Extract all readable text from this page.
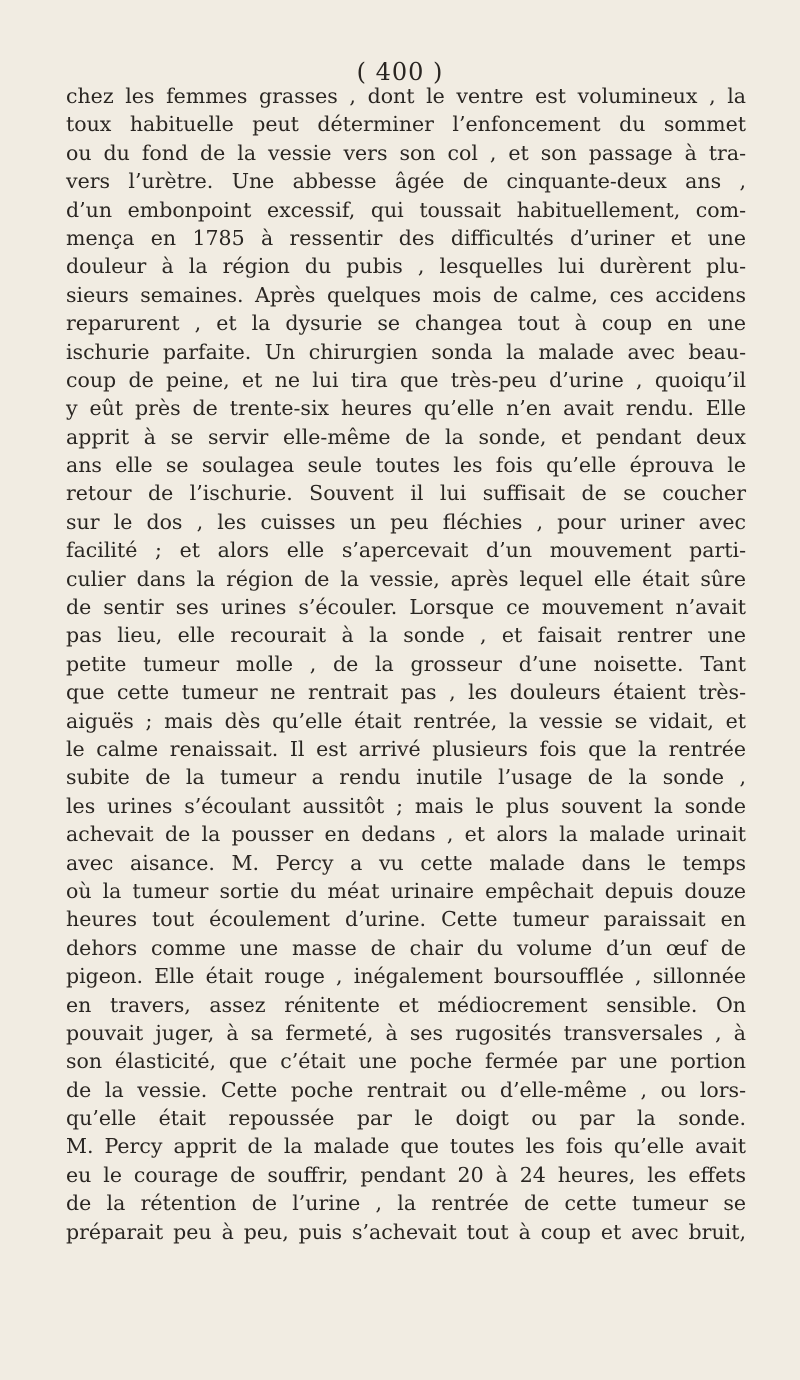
( 400 )
chez les femmes grasses , dont le ventre est volumineux , la
toux habituelle peut déterminer l’enfoncement du sommet
ou du fond de la vessie vers son col , et son passage à tra-
vers l’urètre. Une abbesse âgée de cinquante-deux ans ,
d’un embonpoint excessif, qui toussait habituellement, com-
mença en 1785 à ressentir des difficultés d’uriner et une
douleur à la région du pubis , lesquelles lui durèrent plu-
sieurs semaines. Après quelques mois de calme, ces accidens
reparurent , et la dysurie se changea tout à coup en une
ischurie parfaite. Un chirurgien sonda la malade avec beau-
coup de peine, et ne lui tira que très-peu d’urine , quoiqu’il
y eût près de trente-six heures qu’elle n’en avait rendu. Elle
apprit à se servir elle-même de la sonde, et pendant deux
ans elle se soulagea seule toutes les fois qu’elle éprouva le
retour de l’ischurie. Souvent il lui suffisait de se coucher
sur le dos , les cuisses un peu fléchies , pour uriner avec
facilité ; et alors elle s’apercevait d’un mouvement parti-
culier dans la région de la vessie, après lequel elle était sûre
de sentir ses urines s’écouler. Lorsque ce mouvement n’avait
pas lieu, elle recourait à la sonde , et faisait rentrer une
petite tumeur molle , de la grosseur d’une noisette. Tant
que cette tumeur ne rentrait pas , les douleurs étaient très-
aiguës ; mais dès qu’elle était rentrée, la vessie se vidait, et
le calme renaissait. Il est arrivé plusieurs fois que la rentrée
subite de la tumeur a rendu inutile l’usage de la sonde ,
les urines s’écoulant aussitôt ; mais le plus souvent la sonde
achevait de la pousser en dedans , et alors la malade urinait
avec aisance. M. Percy a vu cette malade dans le temps
où la tumeur sortie du méat urinaire empêchait depuis douze
heures tout écoulement d’urine. Cette tumeur paraissait en
dehors comme une masse de chair du volume d’un œuf de
pigeon. Elle était rouge , inégalement boursoufflée , sillonnée
en travers, assez rénitente et médiocrement sensible. On
pouvait juger, à sa fermeté, à ses rugosités transversales , à
son élasticité, que c’était une poche fermée par une portion
de la vessie. Cette poche rentrait ou d’elle-même , ou lors-
qu’elle était repoussée par le doigt ou par la sonde.
M. Percy apprit de la malade que toutes les fois qu’elle avait
eu le courage de souffrir, pendant 20 à 24 heures, les effets
de la rétention de l’urine , la rentrée de cette tumeur se
préparait peu à peu, puis s’achevait tout à coup et avec bruit,
